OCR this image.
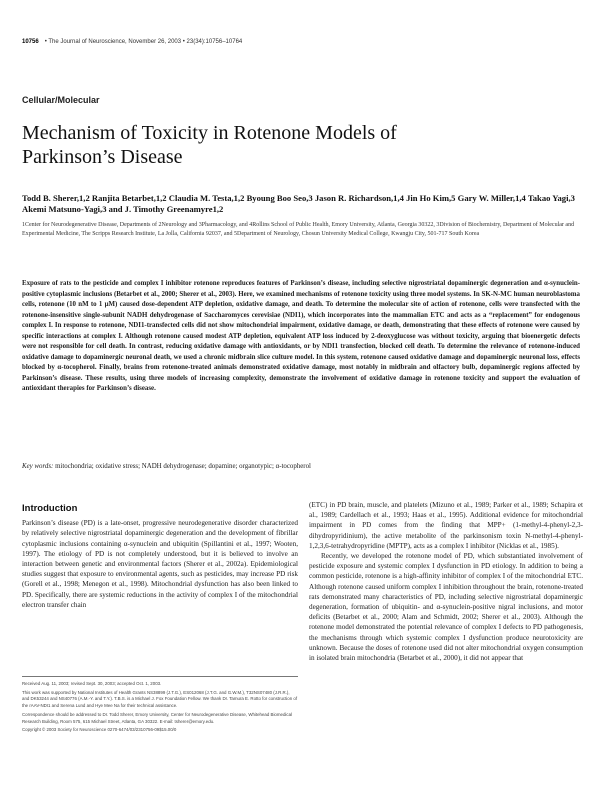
10756 • The Journal of Neuroscience, November 26, 2003 • 23(34):10756–10764
Cellular/Molecular
Mechanism of Toxicity in Rotenone Models of Parkinson’s Disease
Todd B. Sherer,1,2 Ranjita Betarbet,1,2 Claudia M. Testa,1,2 Byoung Boo Seo,3 Jason R. Richardson,1,4 Jin Ho Kim,5 Gary W. Miller,1,4 Takao Yagi,3 Akemi Matsuno-Yagi,3 and J. Timothy Greenamyre1,2
1Center for Neurodegenerative Disease, Departments of 2Neurology and 3Pharmacology, and 4Rollins School of Public Health, Emory University, Atlanta, Georgia 30322, 3Division of Biochemistry, Department of Molecular and Experimental Medicine, The Scripps Research Institute, La Jolla, California 92037, and 5Department of Neurology, Chosun University Medical College, Kwangju City, 501-717 South Korea

Exposure of rats to the pesticide and complex I inhibitor rotenone reproduces features of Parkinson’s disease, including selective nigrostriatal dopaminergic degeneration and α-synuclein-positive cytoplasmic inclusions (Betarbet et al., 2000; Sherer et al., 2003). Here, we examined mechanisms of rotenone toxicity using three model systems. In SK-N-MC human neuroblastoma cells, rotenone (10 nM to 1 μM) caused dose-dependent ATP depletion, oxidative damage, and death. To determine the molecular site of action of rotenone, cells were transfected with the rotenone-insensitive single-subunit NADH dehydrogenase of Saccharomyces cerevisiae (NDI1), which incorporates into the mammalian ETC and acts as a “replacement” for endogenous complex I. In response to rotenone, NDI1-transfected cells did not show mitochondrial impairment, oxidative damage, or death, demonstrating that these effects of rotenone were caused by specific interactions at complex I. Although rotenone caused modest ATP depletion, equivalent ATP loss induced by 2-deoxyglucose was without toxicity, arguing that bioenergetic defects were not responsible for cell death. In contrast, reducing oxidative damage with antioxidants, or by NDI1 transfection, blocked cell death. To determine the relevance of rotenone-induced oxidative damage to dopaminergic neuronal death, we used a chronic midbrain slice culture model. In this system, rotenone caused oxidative damage and dopaminergic neuronal loss, effects blocked by α-tocopherol. Finally, brains from rotenone-treated animals demonstrated oxidative damage, most notably in midbrain and olfactory bulb, dopaminergic regions affected by Parkinson’s disease. These results, using three models of increasing complexity, demonstrate the involvement of oxidative damage in rotenone toxicity and support the evaluation of antioxidant therapies for Parkinson’s disease.

Key words: mitochondria; oxidative stress; NADH dehydrogenase; dopamine; organotypic; α-tocopherol
Introduction

Parkinson’s disease (PD) is a late-onset, progressive neurodegenerative disorder characterized by relatively selective nigrostriatal dopaminergic degeneration and the development of fibrillar cytoplasmic inclusions containing α-synuclein and ubiquitin (Spillantini et al., 1997; Wooten, 1997). The etiology of PD is not completely understood, but it is believed to involve an interaction between genetic and environmental factors (Sherer et al., 2002a). Epidemiological studies suggest that exposure to environmental agents, such as pesticides, may increase PD risk (Gorell et al., 1998; Menegon et al., 1998). Mitochondrial dysfunction has also been linked to PD. Specifically, there are systemic reductions in the activity of complex I of the mitochondrial electron transfer chain

(ETC) in PD brain, muscle, and platelets (Mizuno et al., 1989; Parker et al., 1989; Schapira et al., 1989; Cardellach et al., 1993; Haas et al., 1995). Additional evidence for mitochondrial impairment in PD comes from the finding that MPP+ (1-methyl-4-phenyl-2,3-dihydropyridinium), the active metabolite of the parkinsonism toxin N-methyl-4-phenyl-1,2,3,6-tetrahydropyridine (MPTP), acts as a complex I inhibitor (Nicklas et al., 1985).

Recently, we developed the rotenone model of PD, which substantiated involvement of pesticide exposure and systemic complex I dysfunction in PD etiology. In addition to being a common pesticide, rotenone is a high-affinity inhibitor of complex I of the mitochondrial ETC. Although rotenone caused uniform complex I inhibition throughout the brain, rotenone-treated rats demonstrated many characteristics of PD, including selective nigrostriatal dopaminergic degeneration, formation of ubiquitin- and α-synuclein-positive nigral inclusions, and motor deficits (Betarbet et al., 2000; Alam and Schmidt, 2002; Sherer et al., 2003). Although the rotenone model demonstrated the potential relevance of complex I defects to PD pathogenesis, the mechanisms through which systemic complex I dysfunction produce neurotoxicity are unknown. Because the doses of rotenone used did not alter mitochondrial oxygen consumption in isolated brain mitochondria (Betarbet et al., 2000), it did not appear that

Received Aug. 11, 2003; revised Sept. 30, 2003; accepted Oct. 1, 2003.

This work was supported by National Institutes of Health Grants NS38899 (J.T.G.), ES012068 (J.T.G. and G.W.M.), T32NS07480 (J.R.R.), and DK53244 and NS40776 (A.M.-Y. and T.Y.). T.B.S. is a Michael J. Fox Foundation Fellow. We thank Dr. Tamura E. Rotto for construction of the rAAV-NDI1 and Serena Lund and Hye Mee Na for their technical assistance.

Correspondence should be addressed to Dr. Todd Sherer, Emory University, Center for Neurodegenerative Disease, Whitehead Biomedical Research Building, Room 575, 615 Michael Street, Atlanta, GA 30322. E-mail: tsherer@emory.edu.

Copyright © 2003 Society for Neuroscience 0270-6474/03/2310756-09$15.00/0
